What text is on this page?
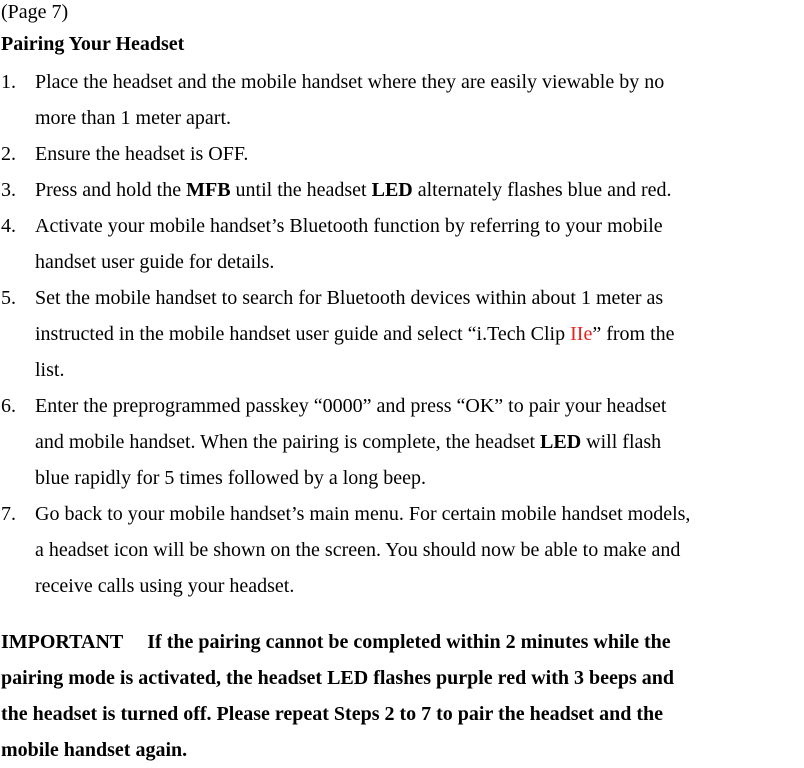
(Page 7)
Pairing Your Headset
1. Place the headset and the mobile handset where they are easily viewable by no
more than 1 meter apart.
2. Ensure the headset is OFF.
3. Press and hold the MFB until the headset LED alternately flashes blue and red.
4. Activate your mobile handset’s Bluetooth function by referring to your mobile
handset user guide for details.
5. Set the mobile handset to search for Bluetooth devices within about 1 meter as
instructed in the mobile handset user guide and select “i.Tech Clip IIe” from the
list.
6. Enter the preprogrammed passkey “0000” and press “OK” to pair your headset
and mobile handset. When the pairing is complete, the headset LED will flash
blue rapidly for 5 times followed by a long beep.
7. Go back to your mobile handset’s main menu. For certain mobile handset models,
a headset icon will be shown on the screen. You should now be able to make and
receive calls using your headset.
IMPORTANT If the pairing cannot be completed within 2 minutes while the
pairing mode is activated, the headset LED flashes purple red with 3 beeps and
the headset is turned off. Please repeat Steps 2 to 7 to pair the headset and the
mobile handset again.
